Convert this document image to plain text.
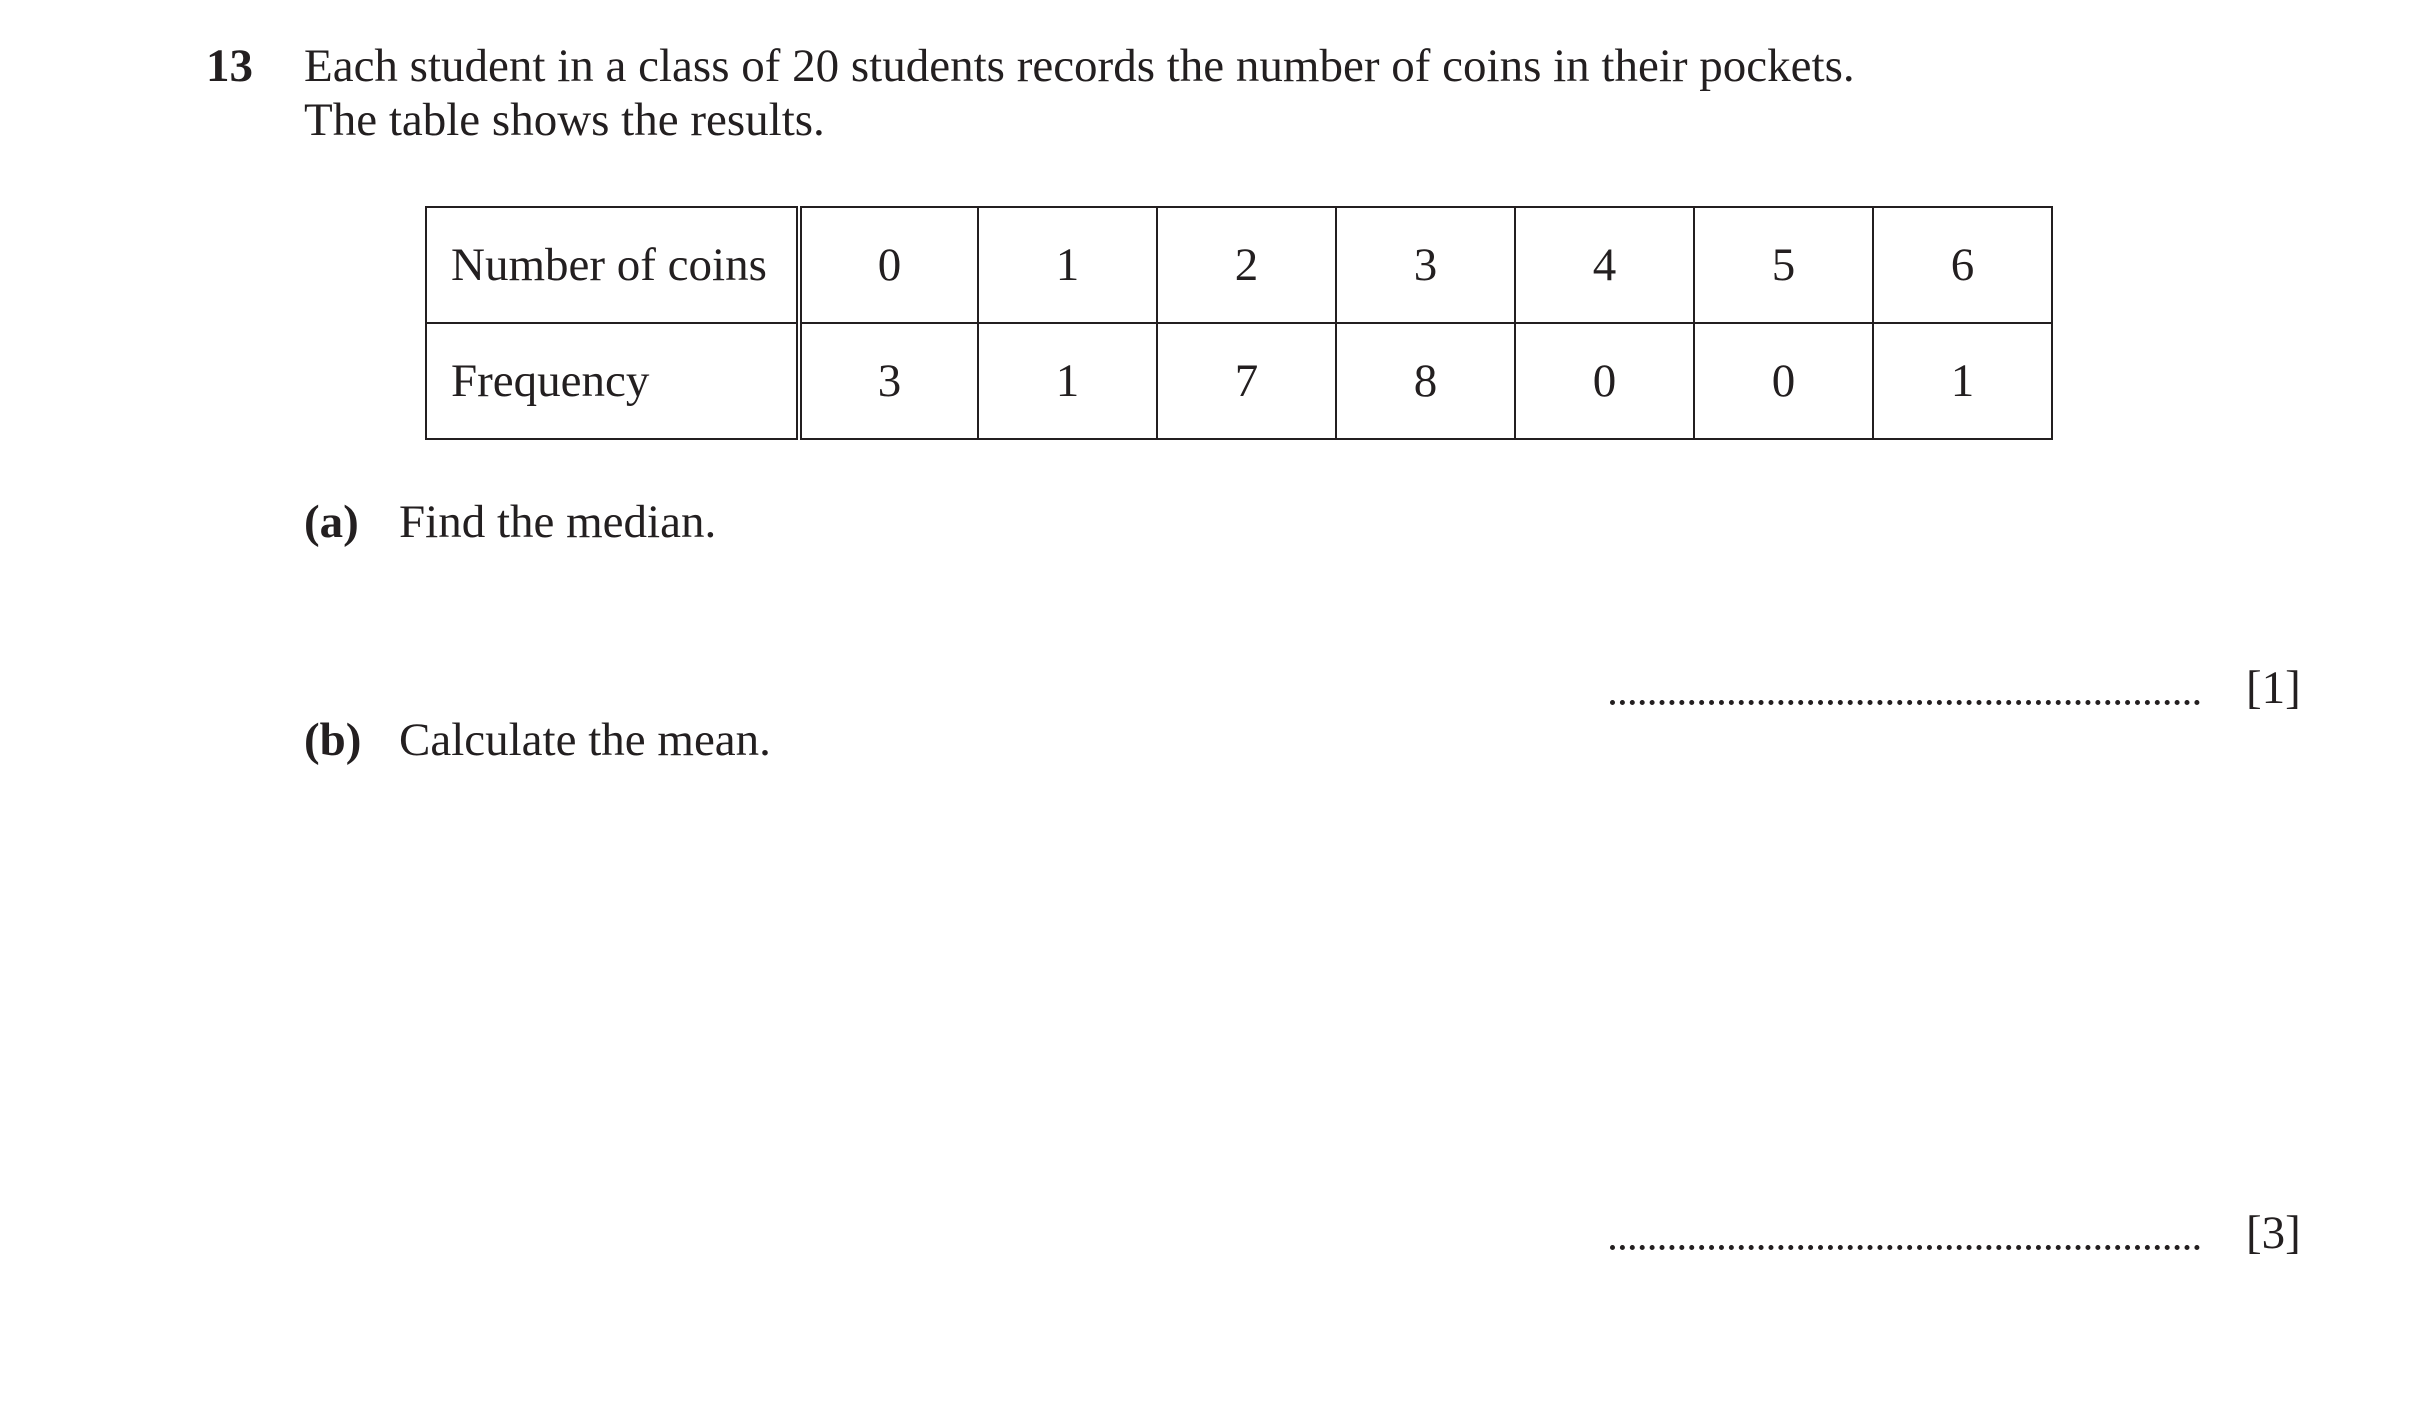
13 Each student in a class of 20 students records the number of coins in their pockets.
The table shows the results.
Number of coins	0	1	2	3	4	5	6
Frequency	3	1	7	8	0	0	1
(a) Find the median.
[1]
(b) Calculate the mean.
[3]
